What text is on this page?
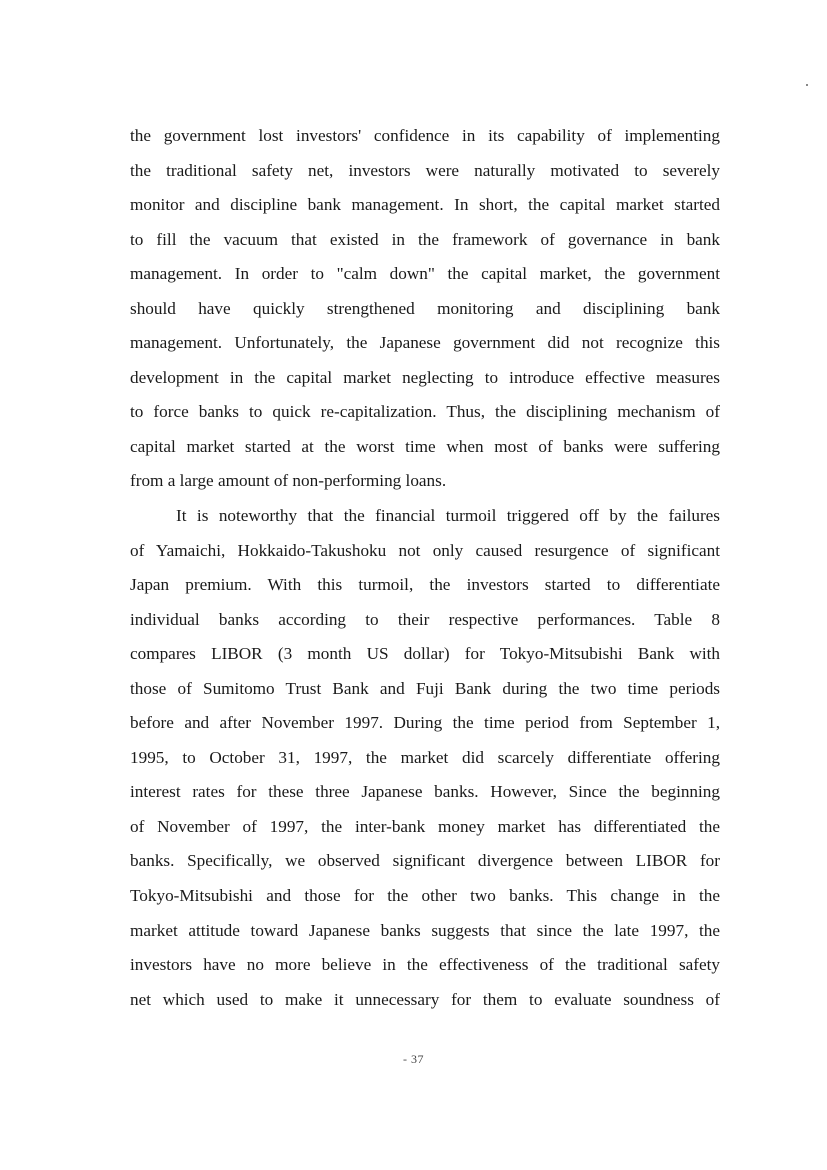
the government lost investors' confidence in its capability of implementing
the traditional safety net, investors were naturally motivated to severely
monitor and discipline bank management. In short, the capital market started
to fill the vacuum that existed in the framework of governance in bank
management. In order to "calm down" the capital market, the government
should have quickly strengthened monitoring and disciplining bank
management. Unfortunately, the Japanese government did not recognize this
development in the capital market neglecting to introduce effective measures
to force banks to quick re-capitalization. Thus, the disciplining mechanism of
capital market started at the worst time when most of banks were suffering
from a large amount of non-performing loans.
It is noteworthy that the financial turmoil triggered off by the failures
of Yamaichi, Hokkaido-Takushoku not only caused resurgence of significant
Japan premium. With this turmoil, the investors started to differentiate
individual banks according to their respective performances. Table 8
compares LIBOR (3 month US dollar) for Tokyo-Mitsubishi Bank with
those of Sumitomo Trust Bank and Fuji Bank during the two time periods
before and after November 1997. During the time period from September 1,
1995, to October 31, 1997, the market did scarcely differentiate offering
interest rates for these three Japanese banks. However, Since the beginning
of November of 1997, the inter-bank money market has differentiated the
banks. Specifically, we observed significant divergence between LIBOR for
Tokyo-Mitsubishi and those for the other two banks. This change in the
market attitude toward Japanese banks suggests that since the late 1997, the
investors have no more believe in the effectiveness of the traditional safety
net which used to make it unnecessary for them to evaluate soundness of
- 37
